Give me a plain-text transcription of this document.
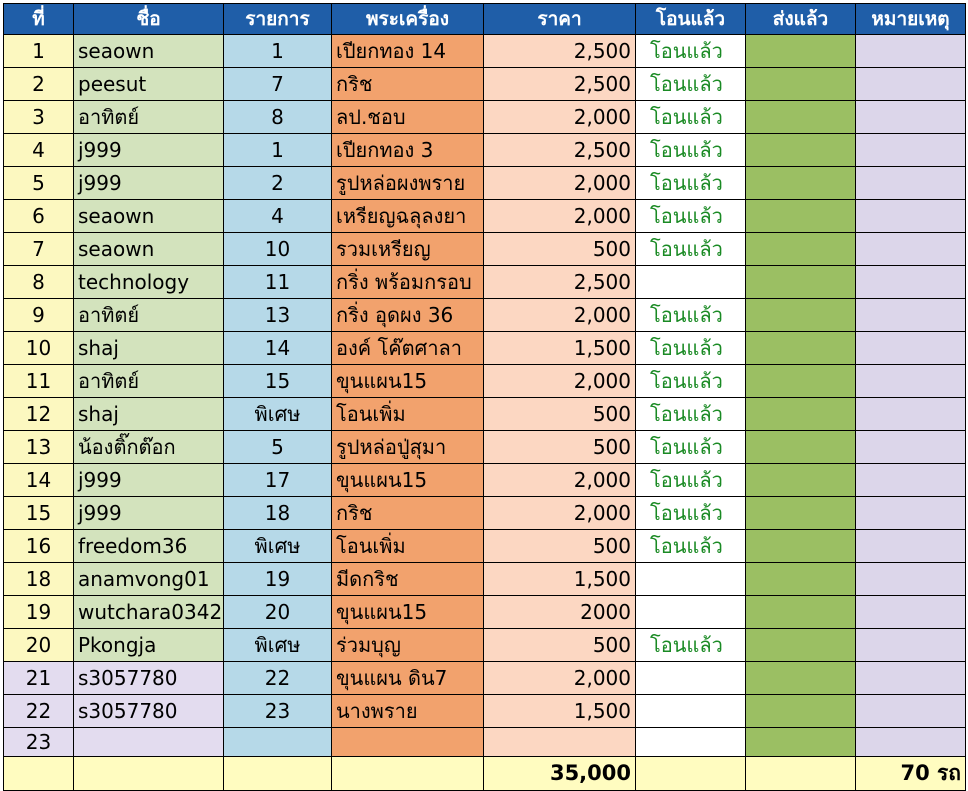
ที่	ชื่อ	รายการ	พระเครื่อง	ราคา	โอนแล้ว	ส่งแล้ว	หมายเหตุ
1	seaown	1	เปียกทอง 14	2,500	โอนแล้ว		
2	peesut	7	กริช	2,500	โอนแล้ว		
3	อาทิตย์	8	ลป.ชอบ	2,000	โอนแล้ว		
4	j999	1	เปียกทอง 3	2,500	โอนแล้ว		
5	j999	2	รูปหล่อผงพราย	2,000	โอนแล้ว		
6	seaown	4	เหรียญฉลุลงยา	2,000	โอนแล้ว		
7	seaown	10	รวมเหรียญ	500	โอนแล้ว		
8	technology	11	กริ่ง พร้อมกรอบ	2,500			
9	อาทิตย์	13	กริ่ง อุดผง 36	2,000	โอนแล้ว		
10	shaj	14	องค์ โค๊ตศาลา	1,500	โอนแล้ว		
11	อาทิตย์	15	ขุนแผน15	2,000	โอนแล้ว		
12	shaj	พิเศษ	โอนเพิ่ม	500	โอนแล้ว		
13	น้องติ๊กต๊อก	5	รูปหล่อปู่สุมา	500	โอนแล้ว		
14	j999	17	ขุนแผน15	2,000	โอนแล้ว		
15	j999	18	กริช	2,000	โอนแล้ว		
16	freedom36	พิเศษ	โอนเพิ่ม	500	โอนแล้ว		
18	anamvong01	19	มีดกริช	1,500			
19	wutchara0342	20	ขุนแผน15	2000			
20	Pkongja	พิเศษ	ร่วมบุญ	500	โอนแล้ว		
21	s3057780	22	ขุนแผน ดิน7	2,000			
22	s3057780	23	นางพราย	1,500			
23							
				35,000			70 รถ
